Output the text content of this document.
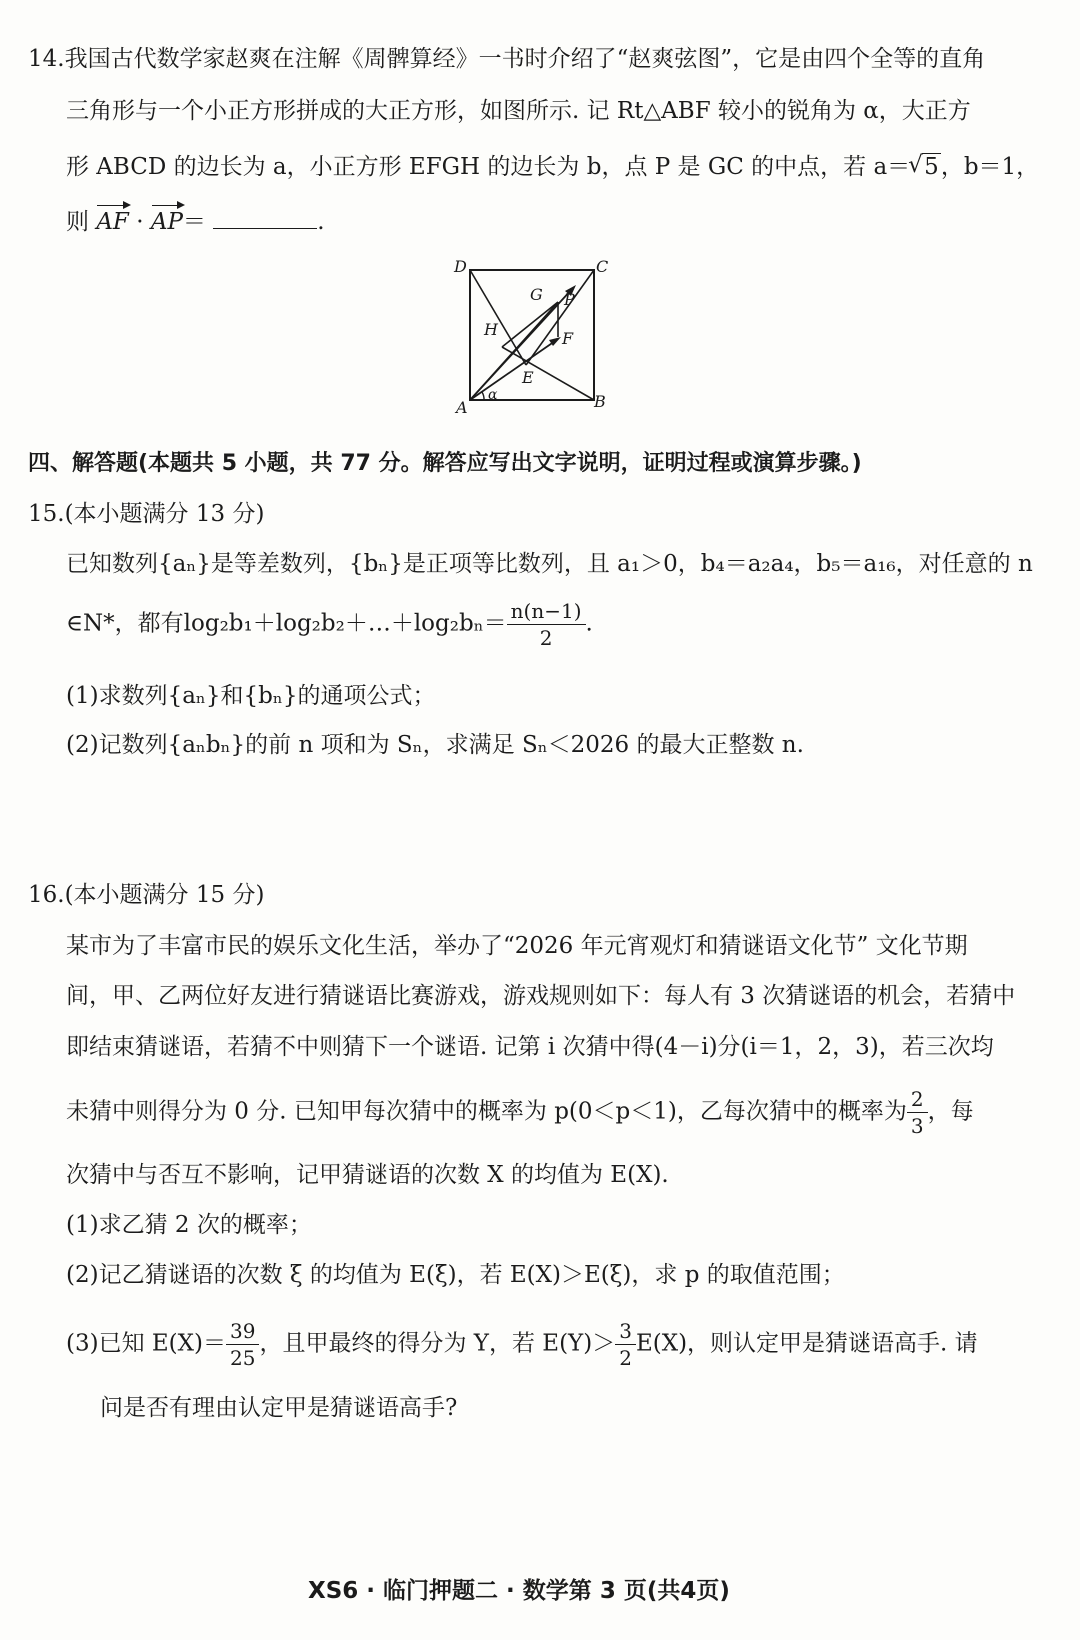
14.我国古代数学家赵爽在注解《周髀算经》一书时介绍了“赵爽弦图”，它是由四个全等的直角
三角形与一个小正方形拼成的大正方形，如图所示. 记 Rt△ABF 较小的锐角为 α，大正方
形 ABCD 的边长为 a，小正方形 EFGH 的边长为 b，点 P 是 GC 的中点，若 a＝√ 5，b＝1，
则 AF · AP＝	.
D	C
A	B
G P
H	F
E
α
四、解答题(本题共 5 小题，共 77 分。解答应写出文字说明，证明过程或演算步骤。)
15.(本小题满分 13 分)
已知数列{aₙ}是等差数列，{bₙ}是正项等比数列，且 a₁＞0，b₄＝a₂a₄，b₅＝a₁₆，对任意的 n
∈N*，都有log₂b₁＋log₂b₂＋…＋log₂bₙ＝ $\frac{n(n-1)}{2}$ .
(1)求数列{aₙ}和{bₙ}的通项公式；
(2)记数列{aₙbₙ}的前 n 项和为 Sₙ，求满足 Sₙ＜2026 的最大正整数 n.
16.(本小题满分 15 分)
某市为了丰富市民的娱乐文化生活，举办了“2026 年元宵观灯和猜谜语文化节” 文化节期
间，甲、乙两位好友进行猜谜语比赛游戏，游戏规则如下：每人有 3 次猜谜语的机会，若猜中
即结束猜谜语，若猜不中则猜下一个谜语. 记第 i 次猜中得(4－i)分(i＝1，2，3)，若三次均
未猜中则得分为 0 分. 已知甲每次猜中的概率为 p(0＜p＜1)，乙每次猜中的概率为 $\frac{2}{3}$ ，每
次猜中与否互不影响，记甲猜谜语的次数 X 的均值为 E(X).
(1)求乙猜 2 次的概率；
(2)记乙猜谜语的次数 ξ 的均值为 E(ξ)，若 E(X)＞E(ξ)，求 p 的取值范围；
(3)已知 $E(X)= \frac{39}{25}$ ，且甲最终的得分为 Y，若 $E(Y)> \frac{3}{2} E(X)$，则认定甲是猜谜语高手. 请
问是否有理由认定甲是猜谜语高手?
XS6 · 临门押题二 · 数学第 3 页(共4页)
